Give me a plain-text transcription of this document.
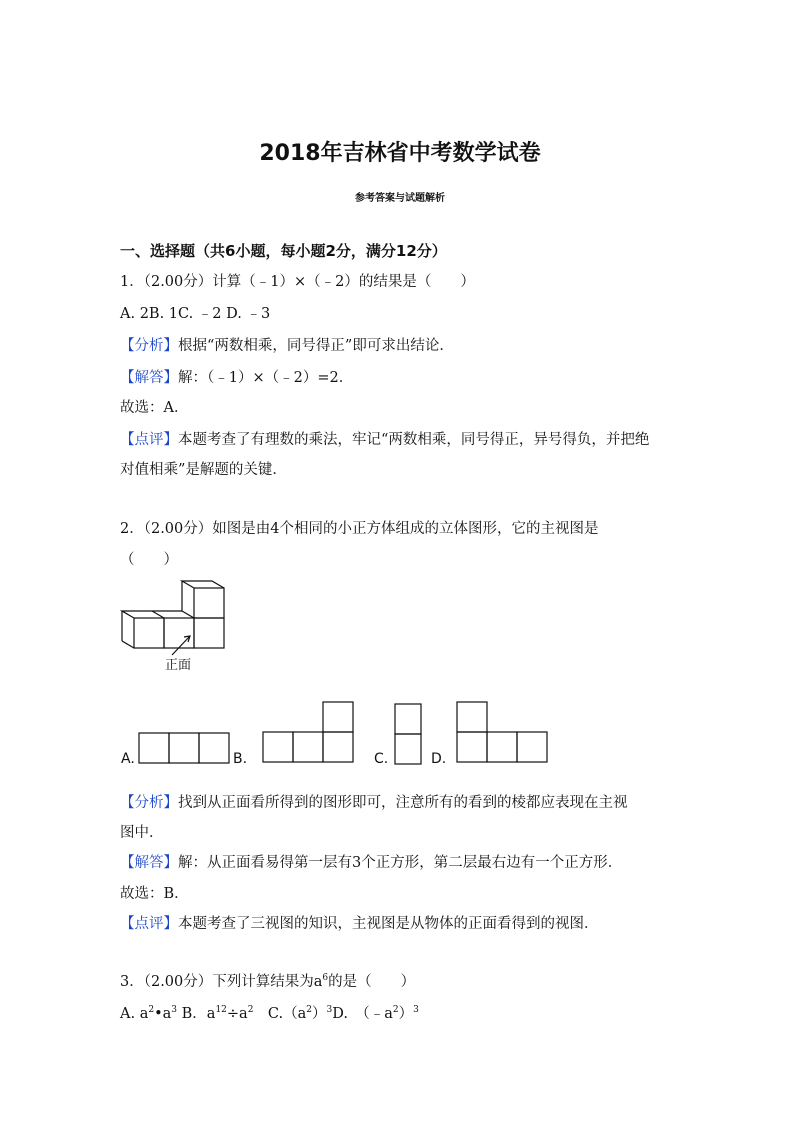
2018年吉林省中考数学试卷
参考答案与试题解析
一、选择题（共6小题，每小题2分，满分12分）
1．（2.00分）计算（﹣1）×（﹣2）的结果是（　　）
A. 2B. 1C. ﹣2 D. ﹣3
【分析】根据“两数相乘，同号得正”即可求出结论．
【解答】解：（﹣1）×（﹣2）=2．
故选：A．
【点评】本题考查了有理数的乘法，牢记“两数相乘，同号得正，异号得负，并把绝
对值相乘”是解题的关键．
2．（2.00分）如图是由4个相同的小正方体组成的立体图形，它的主视图是
（　　）
正面
A.	B.	C.	D.
【分析】找到从正面看所得到的图形即可，注意所有的看到的棱都应表现在主视
图中．
【解答】解：从正面看易得第一层有3个正方形，第二层最右边有一个正方形．
故选：B．
【点评】本题考查了三视图的知识，主视图是从物体的正面看得到的视图．
3．（2.00分）下列计算结果为$a^6$的是（　　）
A. $a^2•a^3$ B．$a^{12}\div a^2$　$C.(a^2)^3D$.　$(﹣a^2)^3$
